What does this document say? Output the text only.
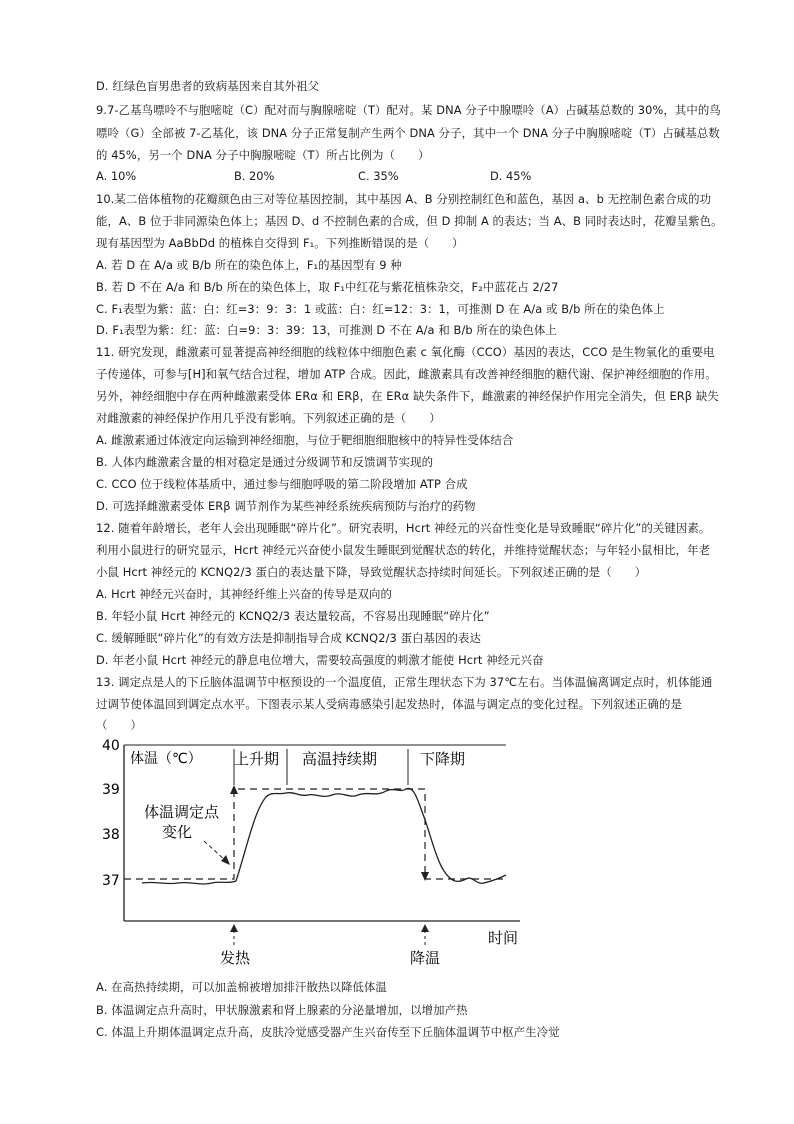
D. 红绿色盲男患者的致病基因来自其外祖父
9.7-乙基鸟嘌呤不与胞嘧啶（C）配对而与胸腺嘧啶（T）配对。某 DNA 分子中腺嘌呤（A）占碱基总数的 30%，其中的鸟
嘌呤（G）全部被 7-乙基化，该 DNA 分子正常复制产生两个 DNA 分子，其中一个 DNA 分子中胸腺嘧啶（T）占碱基总数
的 45%，另一个 DNA 分子中胸腺嘧啶（T）所占比例为（　　）
A. 10%	B. 20%	C. 35%	D. 45%
10.某二倍体植物的花瓣颜色由三对等位基因控制，其中基因 A、B 分别控制红色和蓝色，基因 a、b 无控制色素合成的功
能，A、B 位于非同源染色体上；基因 D、d 不控制色素的合成，但 D 抑制 A 的表达；当 A、B 同时表达时，花瓣呈紫色。
现有基因型为 AaBbDd 的植株自交得到 F₁。下列推断错误的是（　　）
A. 若 D 在 A/a 或 B/b 所在的染色体上，F₁的基因型有 9 种
B. 若 D 不在 A/a 和 B/b 所在的染色体上，取 F₁中红花与紫花植株杂交，F₂中蓝花占 2/27
C. F₁表型为紫：蓝：白：红=3：9：3：1 或蓝：白：红=12：3：1，可推测 D 在 A/a 或 B/b 所在的染色体上
D. F₁表型为紫：红：蓝：白=9：3：39：13，可推测 D 不在 A/a 和 B/b 所在的染色体上
11. 研究发现，雌激素可显著提高神经细胞的线粒体中细胞色素 c 氧化酶（CCO）基因的表达，CCO 是生物氧化的重要电
子传递体，可参与[H]和氧气结合过程，增加 ATP 合成。因此，雌激素具有改善神经细胞的糖代谢、保护神经细胞的作用。
另外，神经细胞中存在两种雌激素受体 ERα 和 ERβ，在 ERα 缺失条件下，雌激素的神经保护作用完全消失，但 ERβ 缺失
对雌激素的神经保护作用几乎没有影响。下列叙述正确的是（　　）
A. 雌激素通过体液定向运输到神经细胞，与位于靶细胞细胞核中的特异性受体结合
B. 人体内雌激素含量的相对稳定是通过分级调节和反馈调节实现的
C. CCO 位于线粒体基质中，通过参与细胞呼吸的第二阶段增加 ATP 合成
D. 可选择雌激素受体 ERβ 调节剂作为某些神经系统疾病预防与治疗的药物
12. 随着年龄增长，老年人会出现睡眠“碎片化”。研究表明，Hcrt 神经元的兴奋性变化是导致睡眠“碎片化”的关键因素。
利用小鼠进行的研究显示，Hcrt 神经元兴奋使小鼠发生睡眠到觉醒状态的转化，并维持觉醒状态；与年轻小鼠相比，年老
小鼠 Hcrt 神经元的 KCNQ2/3 蛋白的表达量下降，导致觉醒状态持续时间延长。下列叙述正确的是（　　）
A. Hcrt 神经元兴奋时，其神经纤维上兴奋的传导是双向的
B. 年轻小鼠 Hcrt 神经元的 KCNQ2/3 表达量较高，不容易出现睡眠“碎片化”
C. 缓解睡眠“碎片化”的有效方法是抑制指导合成 KCNQ2/3 蛋白基因的表达
D. 年老小鼠 Hcrt 神经元的静息电位增大，需要较高强度的刺激才能使 Hcrt 神经元兴奋
13. 调定点是人的下丘脑体温调节中枢预设的一个温度值，正常生理状态下为 37℃左右。当体温偏离调定点时，机体能通
过调节使体温回到调定点水平。下图表示某人受病毒感染引起发热时，体温与调定点的变化过程。下列叙述正确的是
（　　）
40
39
38
37
体温（℃） 上升期 高温持续期	下降期
体温调定点 变化
发热	降温
时间
A. 在高热持续期，可以加盖棉被增加排汗散热以降低体温
B. 体温调定点升高时，甲状腺激素和肾上腺素的分泌量增加，以增加产热
C. 体温上升期体温调定点升高，皮肤冷觉感受器产生兴奋传至下丘脑体温调节中枢产生冷觉
